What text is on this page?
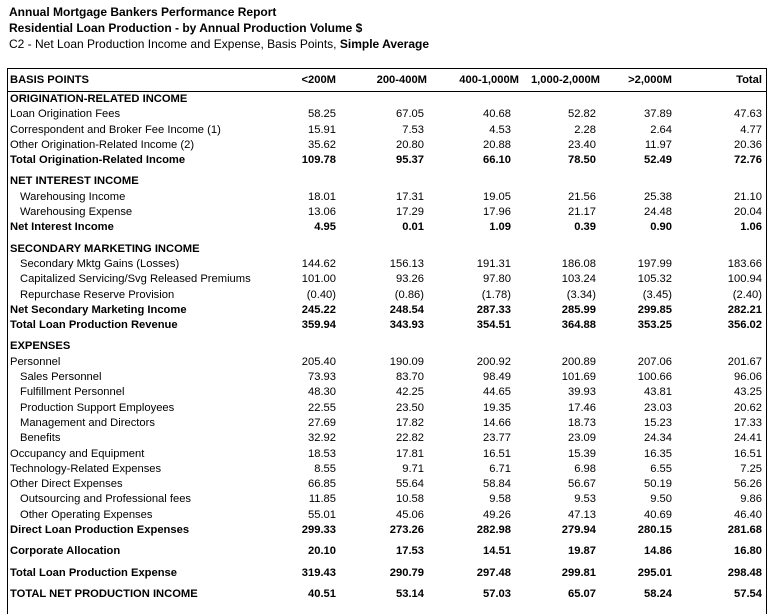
Annual Mortgage Bankers Performance Report
Residential Loan Production - by Annual Production Volume $
C2 - Net Loan Production Income and Expense, Basis Points, Simple Average
BASIS POINTS	<200M	200-400M	400-1,000M	1,000-2,000M	>2,000M	Total
ORIGINATION-RELATED INCOME						
Loan Origination Fees	58.25	67.05	40.68	52.82	37.89	47.63
Correspondent and Broker Fee Income (1)	15.91	7.53	4.53	2.28	2.64	4.77
Other Origination-Related Income (2)	35.62	20.80	20.88	23.40	11.97	20.36
Total Origination-Related Income	109.78	95.37	66.10	78.50	52.49	72.76
NET INTEREST INCOME						
Warehousing Income	18.01	17.31	19.05	21.56	25.38	21.10
Warehousing Expense	13.06	17.29	17.96	21.17	24.48	20.04
Net Interest Income	4.95	0.01	1.09	0.39	0.90	1.06
SECONDARY MARKETING INCOME						
Secondary Mktg Gains (Losses)	144.62	156.13	191.31	186.08	197.99	183.66
Capitalized Servicing/Svg Released Premiums	101.00	93.26	97.80	103.24	105.32	100.94
Repurchase Reserve Provision	(0.40)	(0.86)	(1.78)	(3.34)	(3.45)	(2.40)
Net Secondary Marketing Income	245.22	248.54	287.33	285.99	299.85	282.21
Total Loan Production Revenue	359.94	343.93	354.51	364.88	353.25	356.02
EXPENSES						
Personnel	205.40	190.09	200.92	200.89	207.06	201.67
Sales Personnel	73.93	83.70	98.49	101.69	100.66	96.06
Fulfillment Personnel	48.30	42.25	44.65	39.93	43.81	43.25
Production Support Employees	22.55	23.50	19.35	17.46	23.03	20.62
Management and Directors	27.69	17.82	14.66	18.73	15.23	17.33
Benefits	32.92	22.82	23.77	23.09	24.34	24.41
Occupancy and Equipment	18.53	17.81	16.51	15.39	16.35	16.51
Technology-Related Expenses	8.55	9.71	6.71	6.98	6.55	7.25
Other Direct Expenses	66.85	55.64	58.84	56.67	50.19	56.26
Outsourcing and Professional fees	11.85	10.58	9.58	9.53	9.50	9.86
Other Operating Expenses	55.01	45.06	49.26	47.13	40.69	46.40
Direct Loan Production Expenses	299.33	273.26	282.98	279.94	280.15	281.68
Corporate Allocation	20.10	17.53	14.51	19.87	14.86	16.80
Total Loan Production Expense	319.43	290.79	297.48	299.81	295.01	298.48
TOTAL NET PRODUCTION INCOME	40.51	53.14	57.03	65.07	58.24	57.54
